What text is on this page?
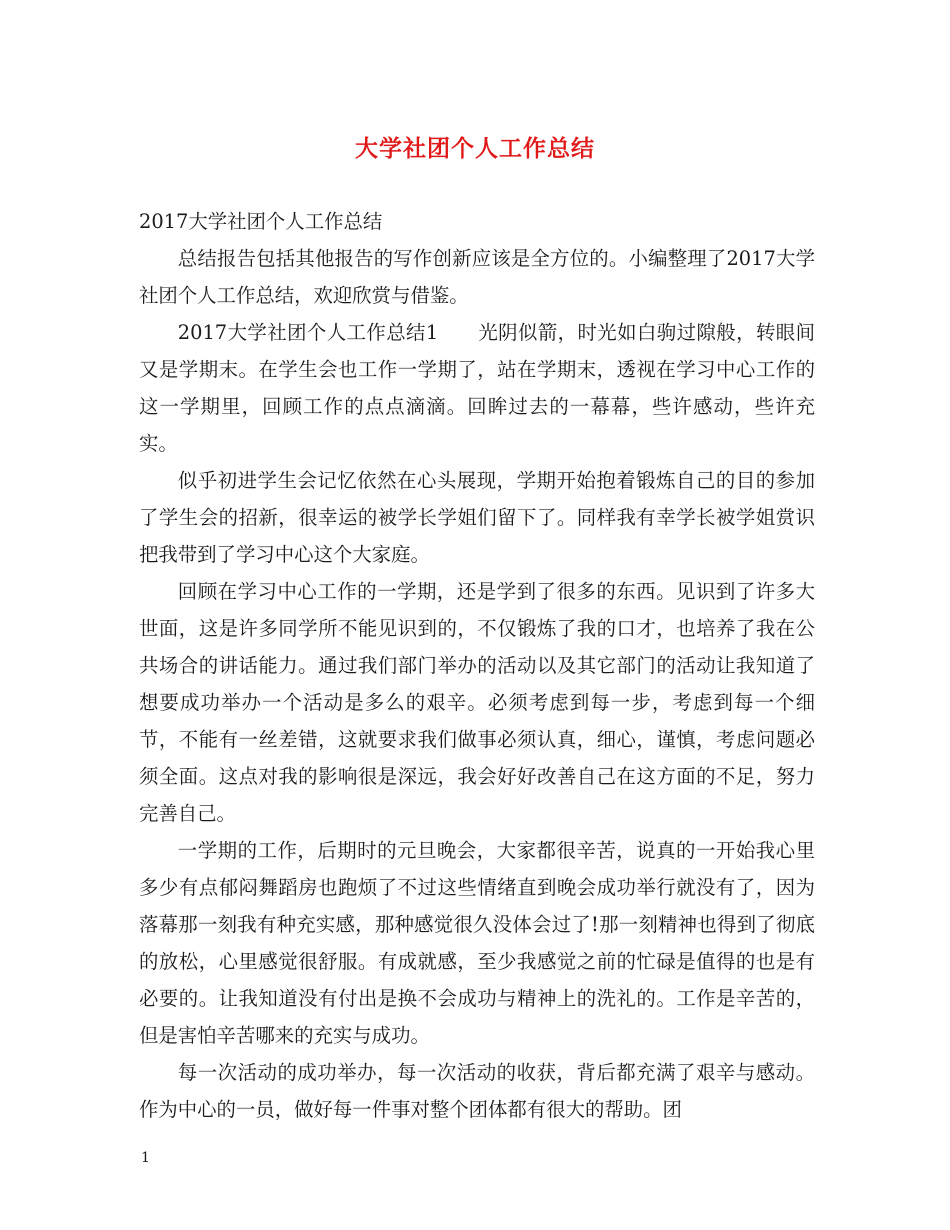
大学社团个人工作总结

2017大学社团个人工作总结

总结报告包括其他报告的写作创新应该是全方位的。小编整理了2017大学社团个人工作总结，欢迎欣赏与借鉴。

2017大学社团个人工作总结1　　光阴似箭，时光如白驹过隙般，转眼间又是学期末。在学生会也工作一学期了，站在学期末，透视在学习中心工作的这一学期里，回顾工作的点点滴滴。回眸过去的一幕幕，些许感动，些许充实。

似乎初进学生会记忆依然在心头展现，学期开始抱着锻炼自己的目的参加了学生会的招新，很幸运的被学长学姐们留下了。同样我有幸学长被学姐赏识把我带到了学习中心这个大家庭。

回顾在学习中心工作的一学期，还是学到了很多的东西。见识到了许多大世面，这是许多同学所不能见识到的，不仅锻炼了我的口才，也培养了我在公共场合的讲话能力。通过我们部门举办的活动以及其它部门的活动让我知道了想要成功举办一个活动是多么的艰辛。必须考虑到每一步，考虑到每一个细节，不能有一丝差错，这就要求我们做事必须认真，细心，谨慎，考虑问题必须全面。这点对我的影响很是深远，我会好好改善自己在这方面的不足，努力完善自己。

一学期的工作，后期时的元旦晚会，大家都很辛苦，说真的一开始我心里多少有点郁闷舞蹈房也跑烦了不过这些情绪直到晚会成功举行就没有了，因为落幕那一刻我有种充实感，那种感觉很久没体会过了!那一刻精神也得到了彻底的放松，心里感觉很舒服。有成就感，至少我感觉之前的忙碌是值得的也是有必要的。让我知道没有付出是换不会成功与精神上的洗礼的。工作是辛苦的，但是害怕辛苦哪来的充实与成功。

每一次活动的成功举办，每一次活动的收获，背后都充满了艰辛与感动。作为中心的一员，做好每一件事对整个团体都有很大的帮助。团

1
